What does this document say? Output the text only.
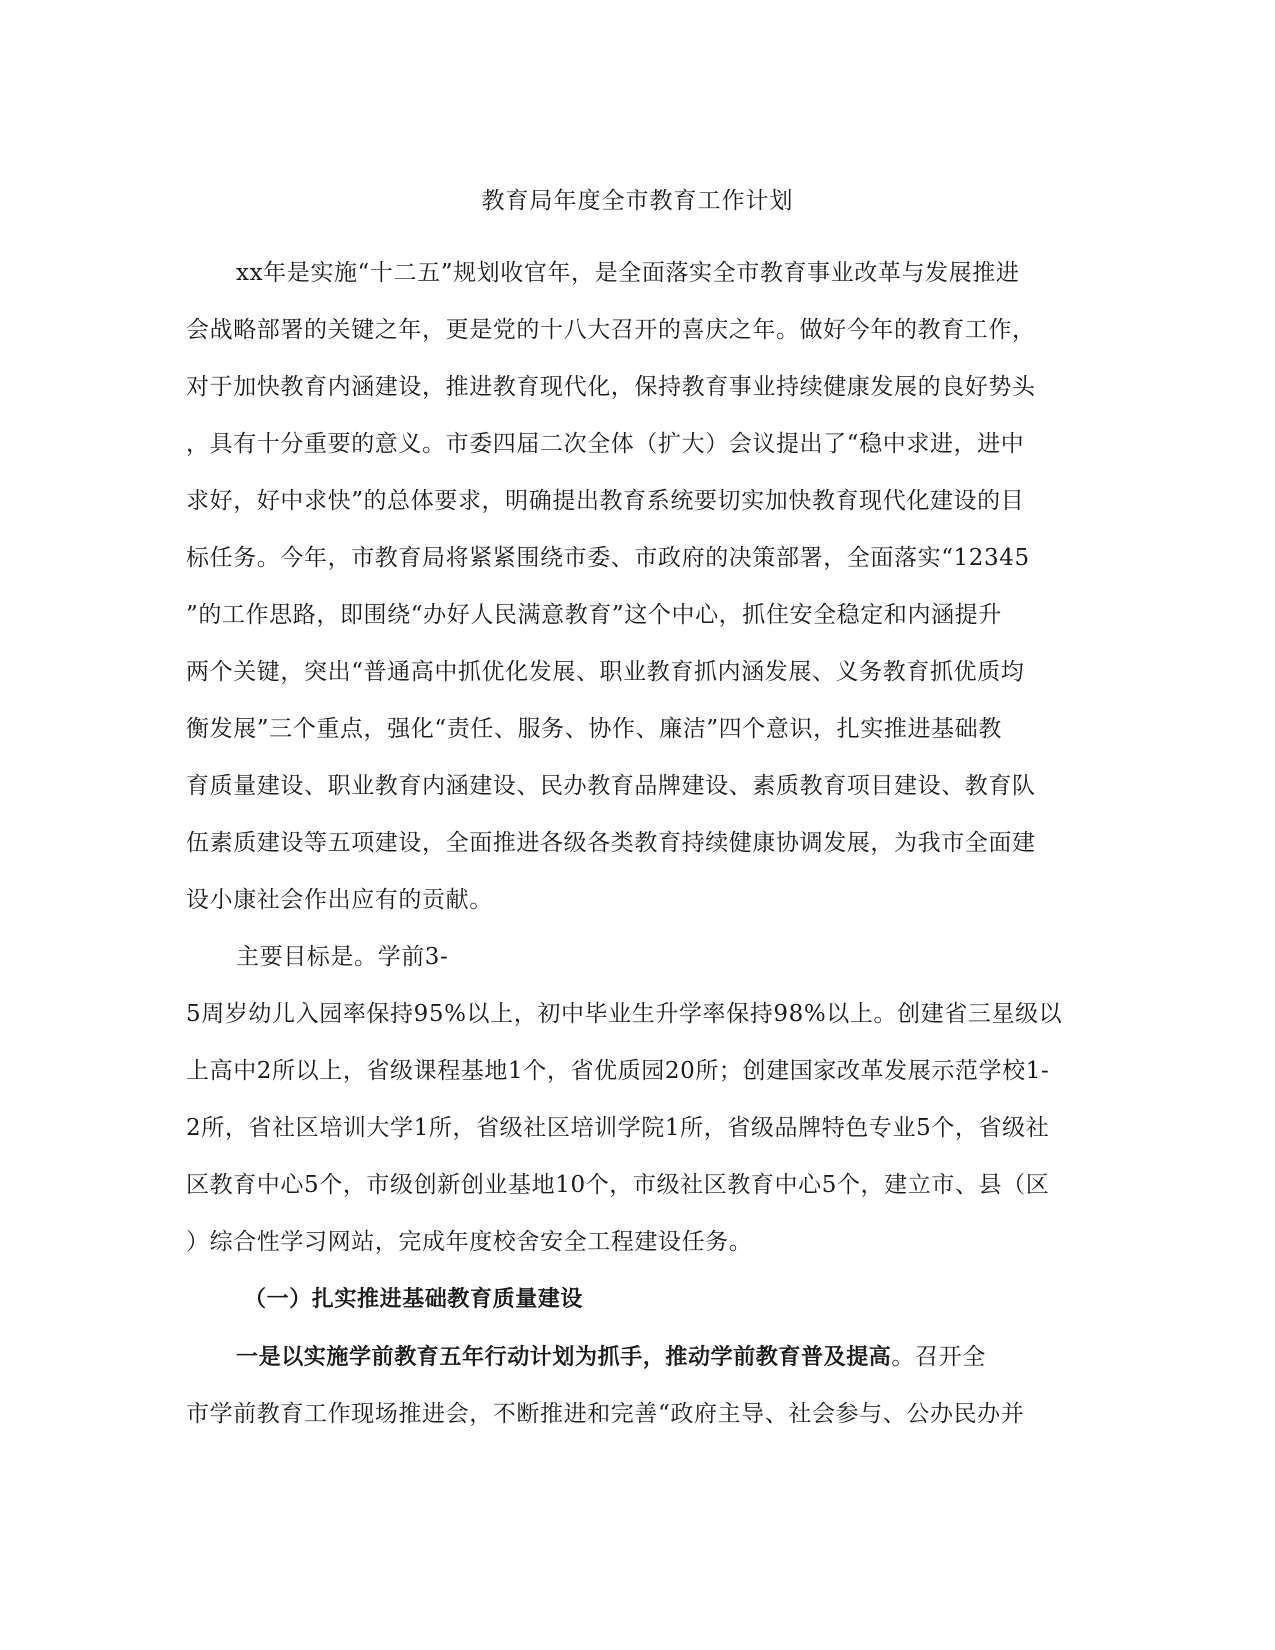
教育局年度全市教育工作计划
xx年是实施“十二五”规划收官年，是全面落实全市教育事业改革与发展推进
会战略部署的关键之年，更是党的十八大召开的喜庆之年。做好今年的教育工作，
对于加快教育内涵建设，推进教育现代化，保持教育事业持续健康发展的良好势头
，具有十分重要的意义。市委四届二次全体（扩大）会议提出了“稳中求进，进中
求好，好中求快”的总体要求，明确提出教育系统要切实加快教育现代化建设的目
标任务。今年，市教育局将紧紧围绕市委、市政府的决策部署，全面落实“12345
”的工作思路，即围绕“办好人民满意教育”这个中心，抓住安全稳定和内涵提升
两个关键，突出“普通高中抓优化发展、职业教育抓内涵发展、义务教育抓优质均
衡发展”三个重点，强化“责任、服务、协作、廉洁”四个意识，扎实推进基础教
育质量建设、职业教育内涵建设、民办教育品牌建设、素质教育项目建设、教育队
伍素质建设等五项建设，全面推进各级各类教育持续健康协调发展，为我市全面建
设小康社会作出应有的贡献。
主要目标是。学前3-
5周岁幼儿入园率保持95%以上，初中毕业生升学率保持98%以上。创建省三星级以
上高中2所以上，省级课程基地1个，省优质园20所；创建国家改革发展示范学校1-
2所，省社区培训大学1所，省级社区培训学院1所，省级品牌特色专业5个，省级社
区教育中心5个，市级创新创业基地10个，市级社区教育中心5个，建立市、县（区
）综合性学习网站，完成年度校舍安全工程建设任务。
（一）扎实推进基础教育质量建设
一是以实施学前教育五年行动计划为抓手，推动学前教育普及提高。召开全
市学前教育工作现场推进会，不断推进和完善“政府主导、社会参与、公办民办并
